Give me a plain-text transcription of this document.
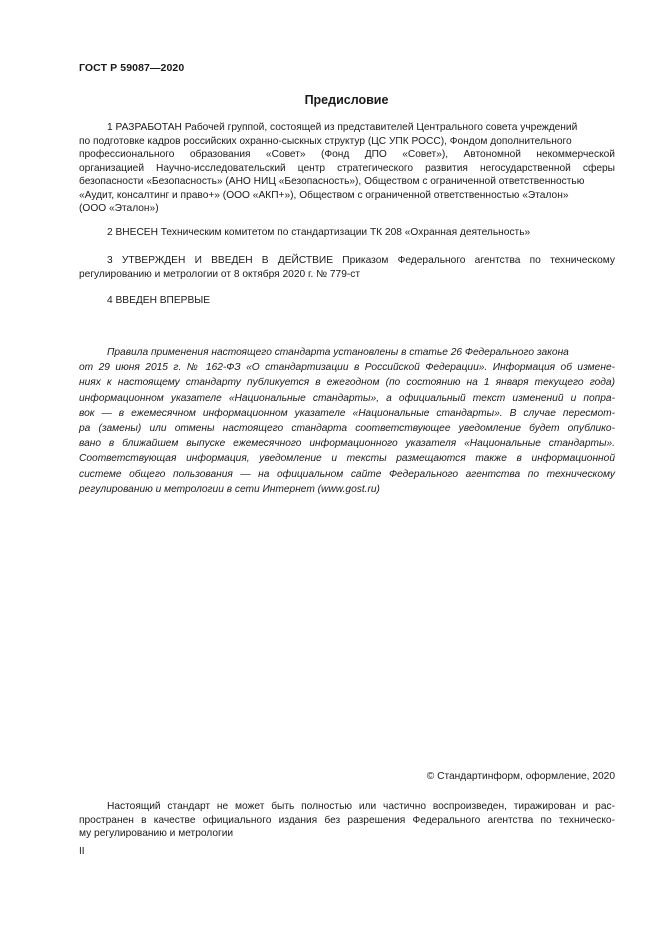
ГОСТ Р 59087—2020
Предисловие
1 РАЗРАБОТАН Рабочей группой, состоящей из представителей Центрального совета учреждений
по подготовке кадров российских охранно-сыскных структур (ЦС УПК РОСС), Фондом дополнительного
профессионального образования «Совет» (Фонд ДПО «Совет»), Автономной некоммерческой
организацией Научно-исследовательский центр стратегического развития негосударственной сферы
безопасности «Безопасность» (АНО НИЦ «Безопасность»), Обществом с ограниченной ответственностью
«Аудит, консалтинг и право+» (ООО «АКП+»), Обществом с ограниченной ответственностью «Эталон»
(ООО «Эталон»)
2 ВНЕСЕН Техническим комитетом по стандартизации ТК 208 «Охранная деятельность»
3 УТВЕРЖДЕН И ВВЕДЕН В ДЕЙСТВИЕ Приказом Федерального агентства по техническому
регулированию и метрологии от 8 октября 2020 г. № 779-ст
4 ВВЕДЕН ВПЕРВЫЕ
Правила применения настоящего стандарта установлены в статье 26 Федерального закона
от 29 июня 2015 г. № 162-ФЗ «О стандартизации в Российской Федерации». Информация об измене-
ниях к настоящему стандарту публикуется в ежегодном (по состоянию на 1 января текущего года)
информационном указателе «Национальные стандарты», а официальный текст изменений и попра-
вок — в ежемесячном информационном указателе «Национальные стандарты». В случае пересмот-
ра (замены) или отмены настоящего стандарта соответствующее уведомление будет опублико-
вано в ближайшем выпуске ежемесячного информационного указателя «Национальные стандарты».
Соответствующая информация, уведомление и тексты размещаются также в информационной
системе общего пользования — на официальном сайте Федерального агентства по техническому
регулированию и метрологии в сети Интернет (www.gost.ru)
© Стандартинформ, оформление, 2020
Настоящий стандарт не может быть полностью или частично воспроизведен, тиражирован и рас-
пространен в качестве официального издания без разрешения Федерального агентства по техническо-
му регулированию и метрологии
II
